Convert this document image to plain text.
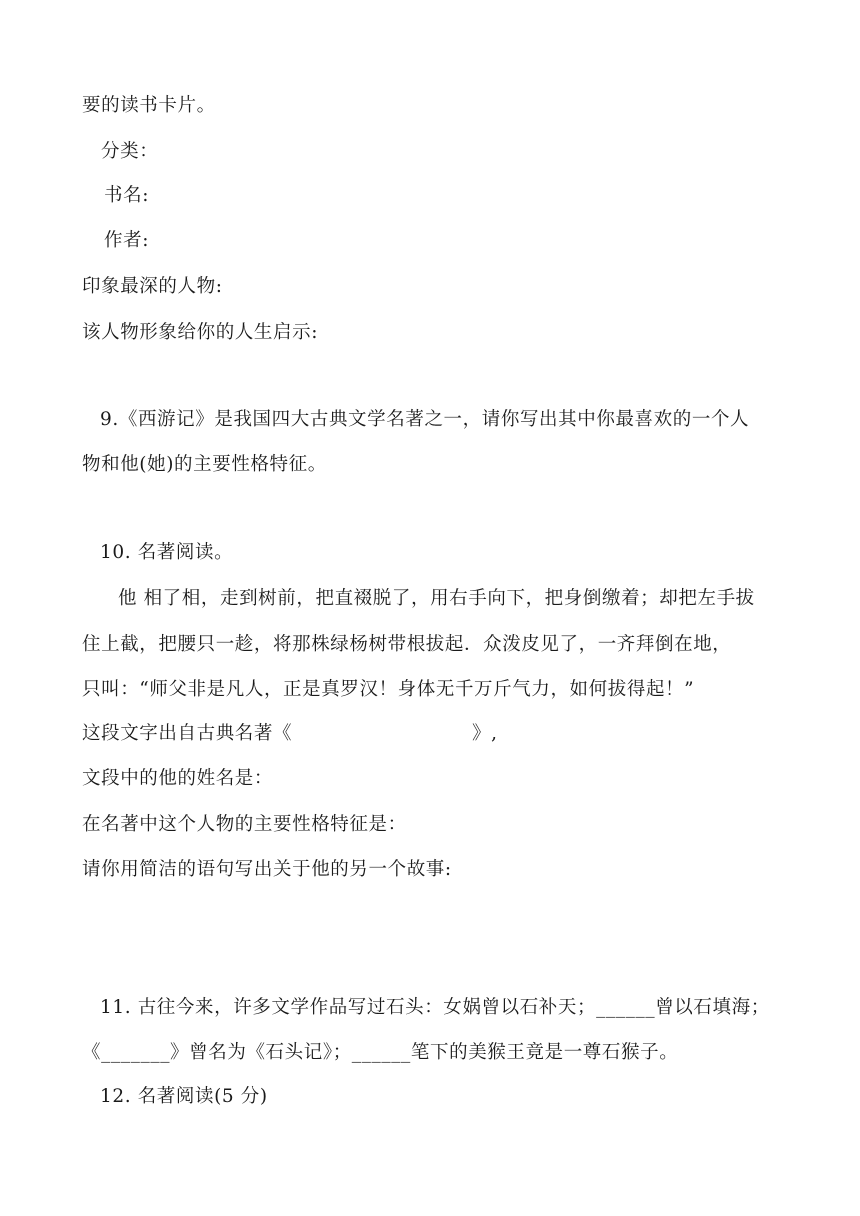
要的读书卡片。
分类：
书名:
作者:
印象最深的人物:
该人物形象给你的人生启示:
9.《西游记》是我国四大古典文学名著之一，请你写出其中你最喜欢的一个人
物和他(她)的主要性格特征。
10. 名著阅读。
他 相了相，走到树前，把直裰脱了，用右手向下，把身倒缴着；却把左手拔
住上截，把腰只一趁，将那株绿杨树带根拔起．众泼皮见了，一齐拜倒在地，
只叫：“师父非是凡人，正是真罗汉！身体无千万斤气力，如何拔得起！”
这段文字出自古典名著《	》,
文段中的他的姓名是：
在名著中这个人物的主要性格特征是：
请你用简洁的语句写出关于他的另一个故事:
11. 古往今来，许多文学作品写过石头：女娲曾以石补天；______曾以石填海；
《_______》曾名为《石头记》；______笔下的美猴王竟是一尊石猴子。
12. 名著阅读(5 分)
